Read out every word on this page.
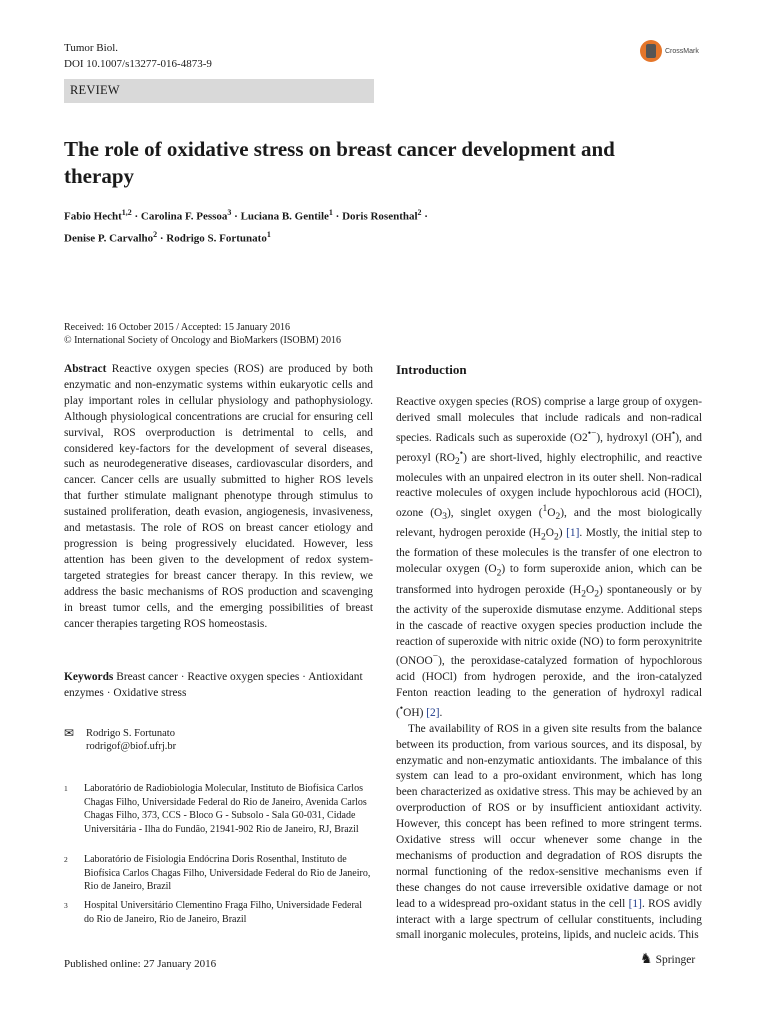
Tumor Biol.
DOI 10.1007/s13277-016-4873-9
CrossMark
REVIEW
The role of oxidative stress on breast cancer development and therapy
Fabio Hecht$^{1,2}$ · Carolina F. Pessoa$^3$ · Luciana B. Gentile$^1$ · Doris Rosenthal$^2$ ·
Denise P. Carvalho$^2$ · Rodrigo S. Fortunato$^1$
Received: 16 October 2015 / Accepted: 15 January 2016
© International Society of Oncology and BioMarkers (ISOBM) 2016
Abstract Reactive oxygen species (ROS) are produced by both enzymatic and non-enzymatic systems within eukaryotic cells and play important roles in cellular physiology and pathophysiology. Although physiological concentrations are crucial for ensuring cell survival, ROS overproduction is detrimental to cells, and considered key-factors for the development of several diseases, such as neurodegenerative diseases, cardiovascular disorders, and cancer. Cancer cells are usually submitted to higher ROS levels that further stimulate malignant phenotype through stimulus to sustained proliferation, death evasion, angiogenesis, invasiveness, and metastasis. The role of ROS on breast cancer etiology and progression is being progressively elucidated. However, less attention has been given to the development of redox system-targeted strategies for breast cancer therapy. In this review, we address the basic mechanisms of ROS production and scavenging in breast tumor cells, and the emerging possibilities of breast cancer therapies targeting ROS homeostasis.
Keywords Breast cancer · Reactive oxygen species · Antioxidant enzymes · Oxidative stress
✉ Rodrigo S. Fortunato
rodrigof@biof.ufrj.br
1 Laboratório de Radiobiologia Molecular, Instituto de Biofísica Carlos Chagas Filho, Universidade Federal do Rio de Janeiro, Avenida Carlos Chagas Filho, 373, CCS - Bloco G - Subsolo - Sala G0-031, Cidade Universitária - Ilha do Fundão, 21941-902 Rio de Janeiro, RJ, Brazil
2 Laboratório de Fisiologia Endócrina Doris Rosenthal, Instituto de Biofísica Carlos Chagas Filho, Universidade Federal do Rio de Janeiro, Rio de Janeiro, Brazil
3 Hospital Universitário Clementino Fraga Filho, Universidade Federal do Rio de Janeiro, Rio de Janeiro, Brazil
Introduction

Reactive oxygen species (ROS) comprise a large group of oxygen-derived small molecules that include radicals and non-radical species. Radicals such as superoxide (O2•−), hydroxyl (OH•), and peroxyl $(RO_2^•)$ are short-lived, highly electrophilic, and reactive molecules with an unpaired electron in its outer shell. Non-radical reactive molecules of oxygen include hypochlorous acid (HOCl), ozone $(O_3)$, singlet oxygen $(^1O_2)$, and the most biologically relevant, hydrogen peroxide $(H_2O_2)$ [1]. Mostly, the initial step to the formation of these molecules is the transfer of one electron to molecular oxygen $(O_2)$ to form superoxide anion, which can be transformed into hydrogen peroxide $(H_2O_2)$ spontaneously or by the activity of the superoxide dismutase enzyme. Additional steps in the cascade of reactive oxygen species production include the reaction of superoxide with nitric oxide (NO) to form peroxynitrite (ONOO−), the peroxidase-catalyzed formation of hypochlorous acid (HOCl) from hydrogen peroxide, and the iron-catalyzed Fenton reaction leading to the generation of hydroxyl radical (•OH) [2].

The availability of ROS in a given site results from the balance between its production, from various sources, and its disposal, by enzymatic and non-enzymatic antioxidants. The imbalance of this system can lead to a pro-oxidant environment, which has long been characterized as oxidative stress. This may be achieved by an overproduction of ROS or by insufficient antioxidant activity. However, this concept has been refined to more stringent terms. Oxidative stress will occur whenever some change in the mechanisms of production and degradation of ROS disrupts the normal functioning of the redox-sensitive mechanisms even if these changes do not cause irreversible oxidative damage or not lead to a widespread pro-oxidant status in the cell [1]. ROS avidly interact with a large spectrum of cellular constituents, including small inorganic molecules, proteins, lipids, and nucleic acids. This

Published online: 27 January 2016	♞ Springer
